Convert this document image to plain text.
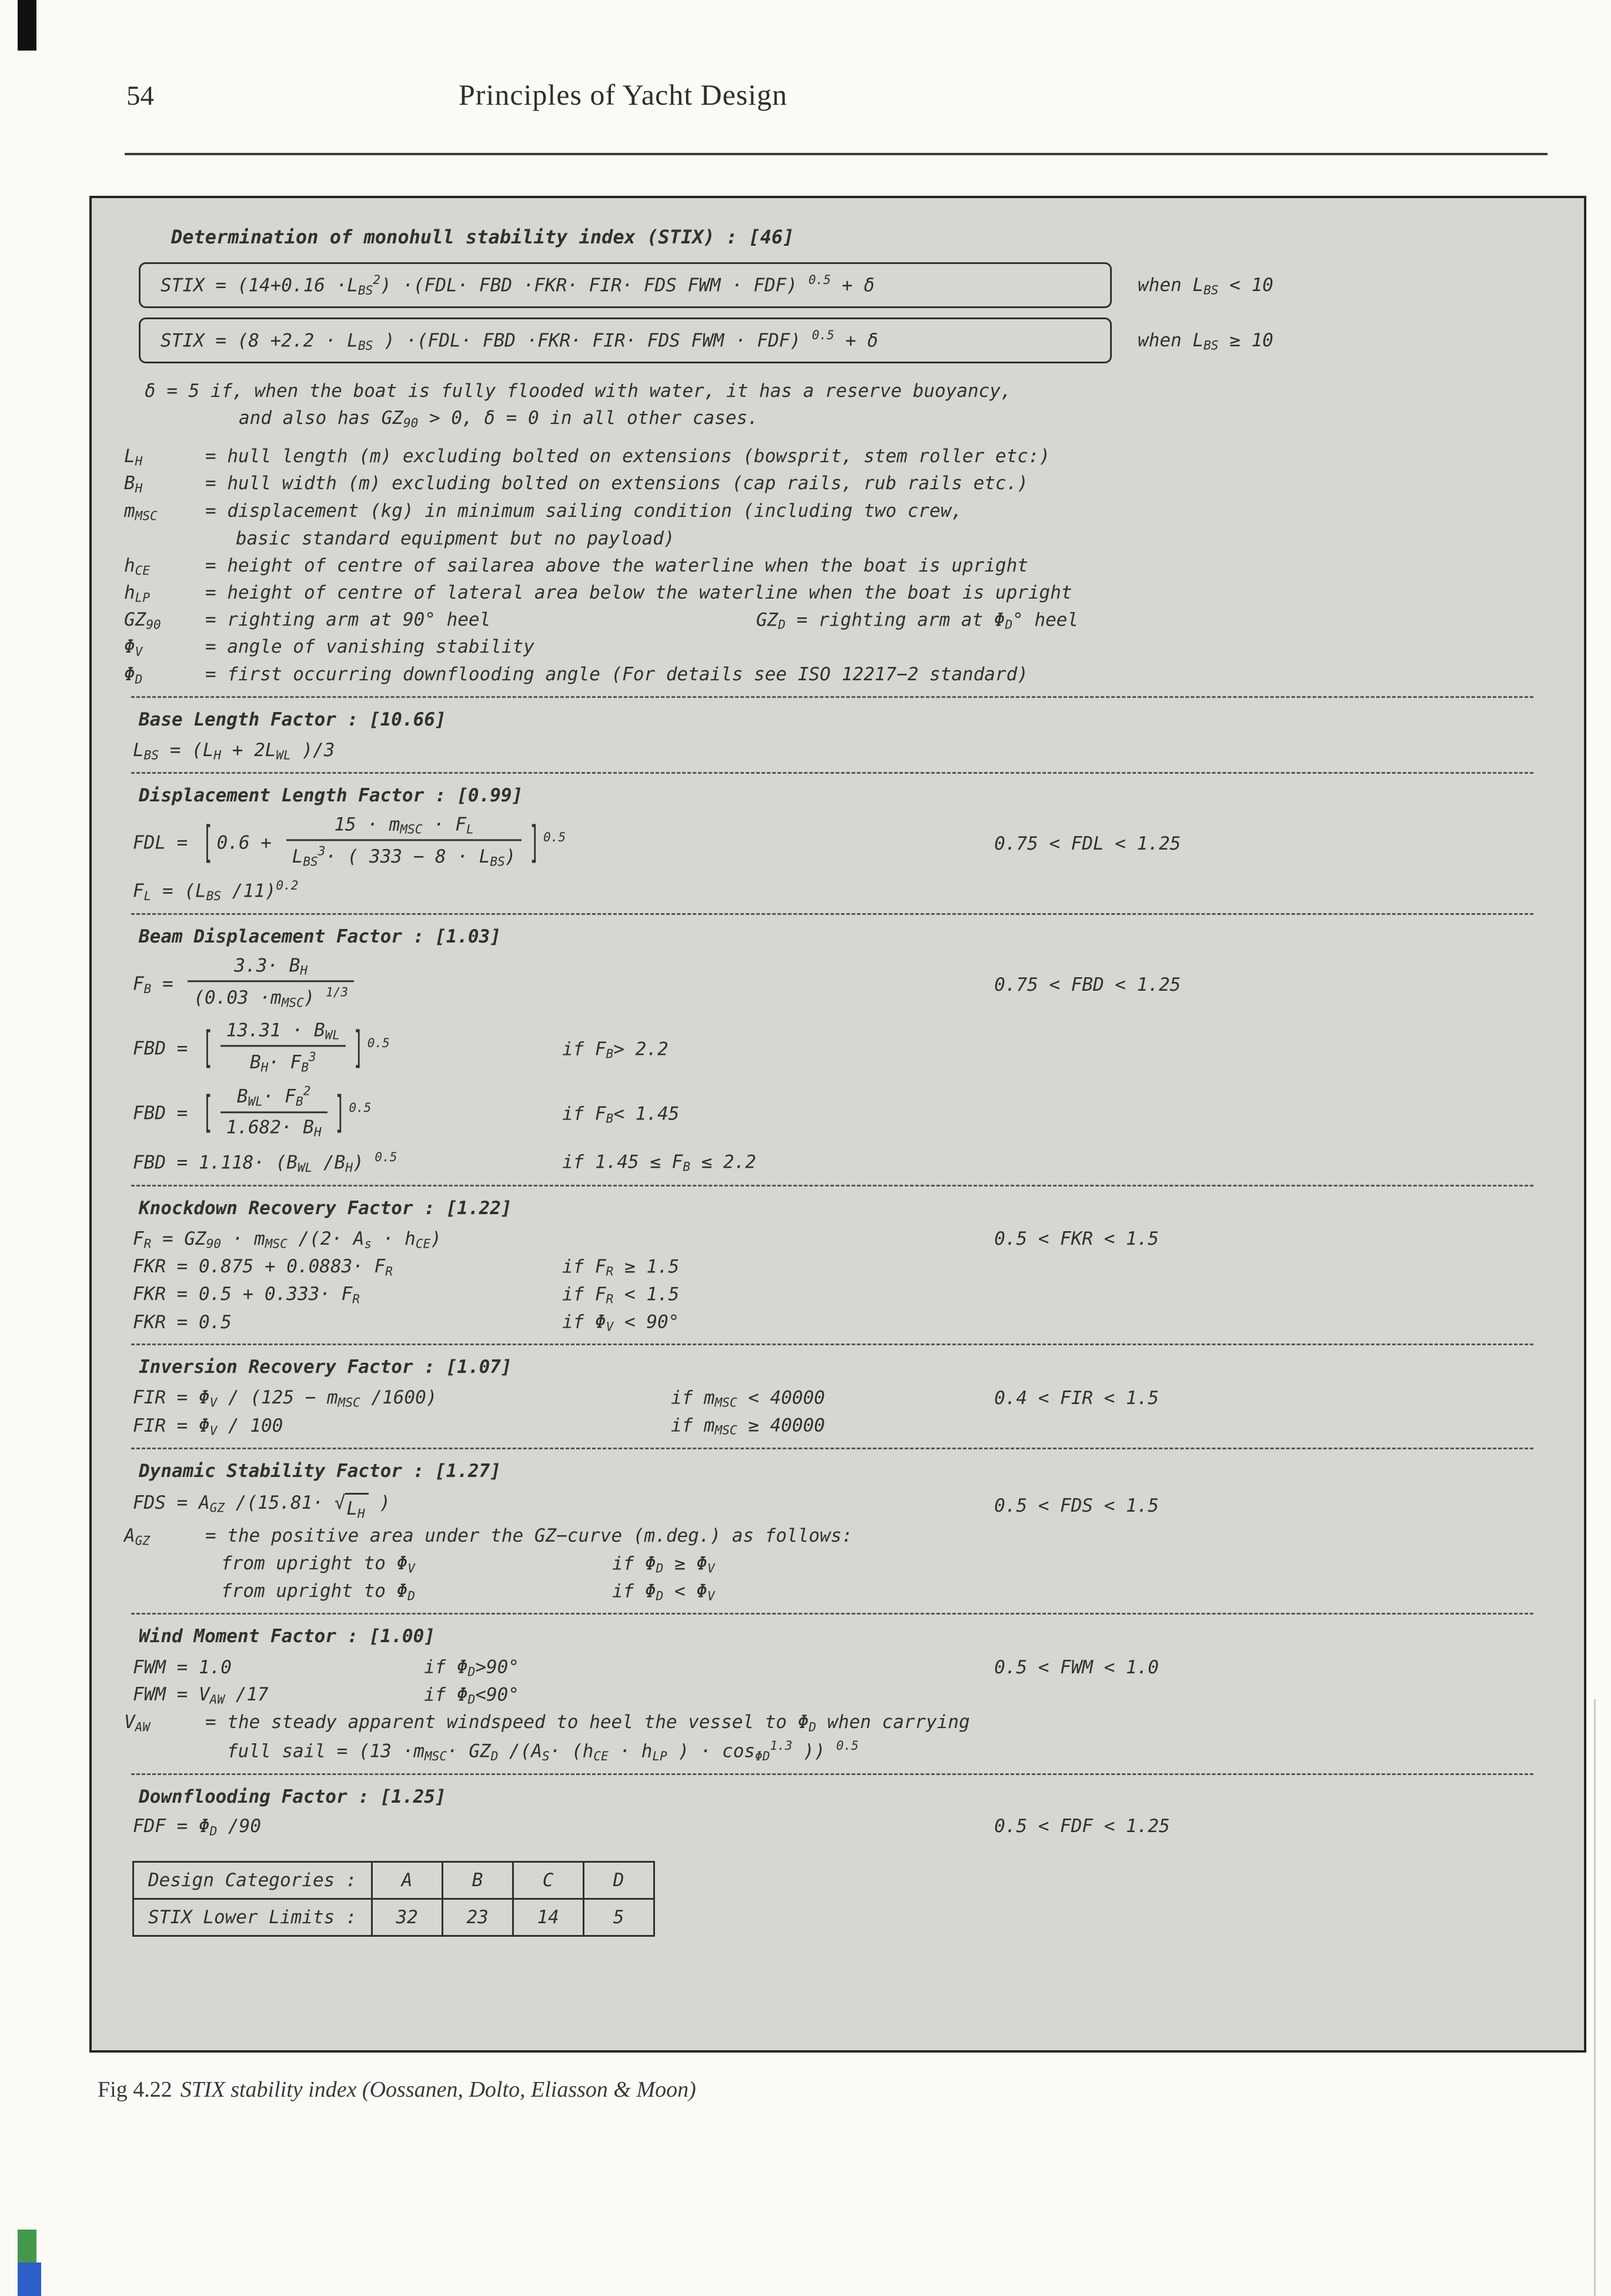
54	Principles of Yacht Design
Determination of monohull stability index (STIX) : [46]
STIX = $(14+0.16 \cdot LBS^2) \cdot(FDL\cdot$ FBD ·FKR· FIR· FDS FWM · FDF) $^{0.5}$ + δ	when LBS < 10
STIX = (8 +2.2 · LBS ) ·(FDL· FBD ·FKR· FIR· FDS FWM · FDF) $^{0.5}$ + δ	when LBS ≥ 10
δ = 5 if, when the boat is fully flooded with water, it has a reserve buoyancy,
and also has GZ90 > 0, δ = 0 in all other cases.
LH	= hull length (m) excluding bolted on extensions (bowsprit, stem roller etc:)
BH	= hull width (m) excluding bolted on extensions (cap rails, rub rails etc.)
mMSC	= displacement (kg) in minimum sailing condition (including two crew,
basic standard equipment but no payload)
hCE	= height of centre of sailarea above the waterline when the boat is upright
hLP	= height of centre of lateral area below the waterline when the boat is upright
GZ90	= righting arm at 90° heel	GZD = righting arm at ΦD° heel
ΦV	= angle of vanishing stability
ΦD	= first occurring downflooding angle (For details see ISO 12217−2 standard)
Base Length Factor : [10.66]
LBS = (LH + 2LWL )/3
Displacement Length Factor : [0.99]
FDL = [ $0.6 + \frac{\text{15 · mMSC · FL}}{LBS^3\cdot ( 333 - 8 \cdot LBS)}$ ] $^{0.5}$	0.75 < FDL < 1.25
FL = (LBS /11)$^{0.2}$
Beam Displacement Factor : [1.03]
FB = $\frac{3.3\cdot BH}{(0.03 \cdot mMSC) ^{1/3}}$	0.75 < FBD < 1.25
FBD = [ $\frac{\text{13.31 · BWL}}{BH\cdot FB^3}$ ] $^{0.5}$	if FB> 2.2
FBD = [ $\frac{BWL\cdot FB^2}{1.682\cdot BH}$ ] $^{0.5}$	if FB< 1.45
FBD = 1.118· (BWL /BH) $^{0.5}$	if 1.45 ≤ FB ≤ 2.2
Knockdown Recovery Factor : [1.22]
FR = GZ90 · mMSC /(2· As · hCE)	0.5 < FKR < 1.5
FKR = 0.875 + 0.0883· FR	if FR ≥ 1.5
FKR = 0.5 + 0.333· FR	if FR < 1.5
FKR = 0.5	if ΦV < 90°
Inversion Recovery Factor : [1.07]
FIR = ΦV / (125 − mMSC /1600)	if mMSC < 40000	0.4 < FIR < 1.5
FIR = ΦV / 100	if mMSC ≥ 40000
Dynamic Stability Factor : [1.27]
FDS = AGZ /(15.81· √ LH )	0.5 < FDS < 1.5
AGZ	= the positive area under the GZ−curve (m.deg.) as follows:
from upright to ΦV	if ΦD ≥ ΦV
from upright to ΦD	if ΦD < ΦV
Wind Moment Factor : [1.00]
FWM = 1.0	if ΦD>90°	0.5 < FWM < 1.0
FWM = VAW /17	if ΦD<90°
VAW	= the steady apparent windspeed to heel the vessel to ΦD when carrying
full sail = (13 ·mMSC· GZD /(AS· (hCE · hLP ) · cosΦD$^{1.3}$ )) $^{0.5}$
Downflooding Factor : [1.25]
FDF = ΦD /90	0.5 < FDF < 1.25
Design Categories :	A	B	C	D
STIX Lower Limits :	32	23	14	5
Fig 4.22 STIX stability index (Oossanen, Dolto, Eliasson & Moon)
